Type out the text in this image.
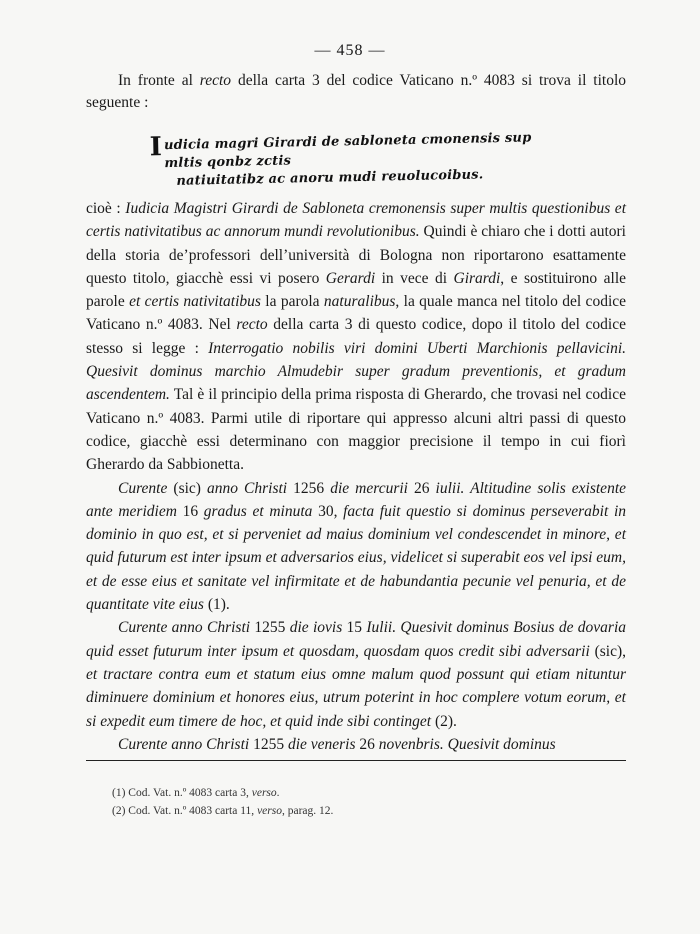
— 458 —
In fronte al recto della carta 3 del codice Vaticano n.º 4083 si trova il titolo seguente :
Iudicia magri Girardi de sabloneta cmonensis sup mltis qonbz zctis
natiuitatibz ac anoru mudi reuolucoibus.

cioè : Iudicia Magistri Girardi de Sabloneta cremonensis super multis questionibus et certis nativitatibus ac annorum mundi revolutionibus. Quindi è chiaro che i dotti autori della storia de’professori dell’università di Bologna non riportarono esattamente questo titolo, giacchè essi vi posero Gerardi in vece di Girardi, e sostituirono alle parole et certis nativitatibus la parola naturalibus, la quale manca nel titolo del codice Vaticano n.º 4083. Nel recto della carta 3 di questo codice, dopo il titolo del codice stesso si legge : Interrogatio nobilis viri domini Uberti Marchionis pellavicini. Quesivit dominus marchio Almudebir super gradum preventionis, et gradum ascendentem. Tal è il principio della prima risposta di Gherardo, che trovasi nel codice Vaticano n.º 4083. Parmi utile di riportare qui appresso alcuni altri passi di questo codice, giacchè essi determinano con maggior precisione il tempo in cui fiorì Gherardo da Sabbionetta.

Curente (sic) anno Christi 1256 die mercurii 26 iulii. Altitudine solis existente ante meridiem 16 gradus et minuta 30, facta fuit questio si dominus perseverabit in dominio in quo est, et si perveniet ad maius dominium vel condescendet in minore, et quid futurum est inter ipsum et adversarios eius, videlicet si superabit eos vel ipsi eum, et de esse eius et sanitate vel infirmitate et de habundantia pecunie vel penuria, et de quantitate vite eius (1).

Curente anno Christi 1255 die iovis 15 Iulii. Quesivit dominus Bosius de dovaria quid esset futurum inter ipsum et quosdam, quosdam quos credit sibi adversarii (sic), et tractare contra eum et statum eius omne malum quod possunt qui etiam nituntur diminuere dominium et honores eius, utrum poterint in hoc complere votum eorum, et si expedit eum timere de hoc, et quid inde sibi continget (2).

Curente anno Christi 1255 die veneris 26 novenbris. Quesivit dominus

(1) Cod. Vat. n.º 4083 carta 3, verso.
(2) Cod. Vat. n.º 4083 carta 11, verso, parag. 12.
